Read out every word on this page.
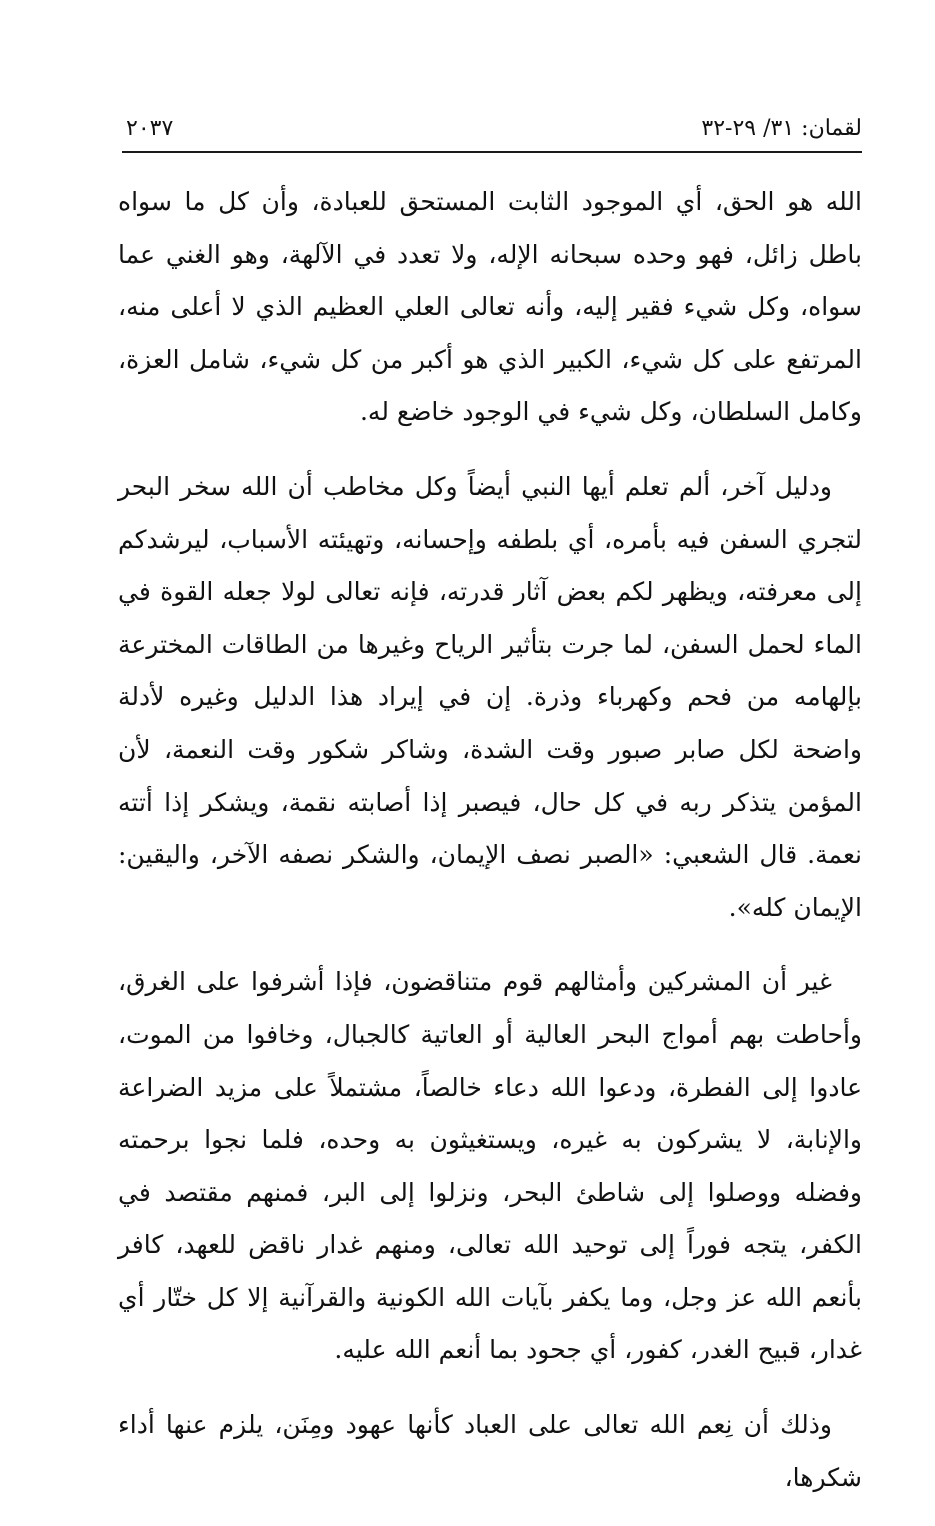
لقمان: ٣١/ ٢٩-٣٢
٢٠٣٧

الله هو الحق، أي الموجود الثابت المستحق للعبادة، وأن كل ما سواه باطل زائل، فهو وحده سبحانه الإله، ولا تعدد في الآلهة، وهو الغني عما سواه، وكل شيء فقير إليه، وأنه تعالى العلي العظيم الذي لا أعلى منه، المرتفع على كل شيء، الكبير الذي هو أكبر من كل شيء، شامل العزة، وكامل السلطان، وكل شيء في الوجود خاضع له.

ودليل آخر، ألم تعلم أيها النبي أيضاً وكل مخاطب أن الله سخر البحر لتجري السفن فيه بأمره، أي بلطفه وإحسانه، وتهيئته الأسباب، ليرشدكم إلى معرفته، ويظهر لكم بعض آثار قدرته، فإنه تعالى لولا جعله القوة في الماء لحمل السفن، لما جرت بتأثير الرياح وغيرها من الطاقات المخترعة بإلهامه من فحم وكهرباء وذرة. إن في إيراد هذا الدليل وغيره لأدلة واضحة لكل صابر صبور وقت الشدة، وشاكر شكور وقت النعمة، لأن المؤمن يتذكر ربه في كل حال، فيصبر إذا أصابته نقمة، ويشكر إذا أتته نعمة. قال الشعبي: «الصبر نصف الإيمان، والشكر نصفه الآخر، واليقين: الإيمان كله».

غير أن المشركين وأمثالهم قوم متناقضون، فإذا أشرفوا على الغرق، وأحاطت بهم أمواج البحر العالية أو العاتية كالجبال، وخافوا من الموت، عادوا إلى الفطرة، ودعوا الله دعاء خالصاً، مشتملاً على مزيد الضراعة والإنابة، لا يشركون به غيره، ويستغيثون به وحده، فلما نجوا برحمته وفضله ووصلوا إلى شاطئ البحر، ونزلوا إلى البر، فمنهم مقتصد في الكفر، يتجه فوراً إلى توحيد الله تعالى، ومنهم غدار ناقض للعهد، كافر بأنعم الله عز وجل، وما يكفر بآيات الله الكونية والقرآنية إلا كل ختّار أي غدار، قبيح الغدر، كفور، أي جحود بما أنعم الله عليه.

وذلك أن نِعم الله تعالى على العباد كأنها عهود ومِنَن، يلزم عنها أداء شكرها،
